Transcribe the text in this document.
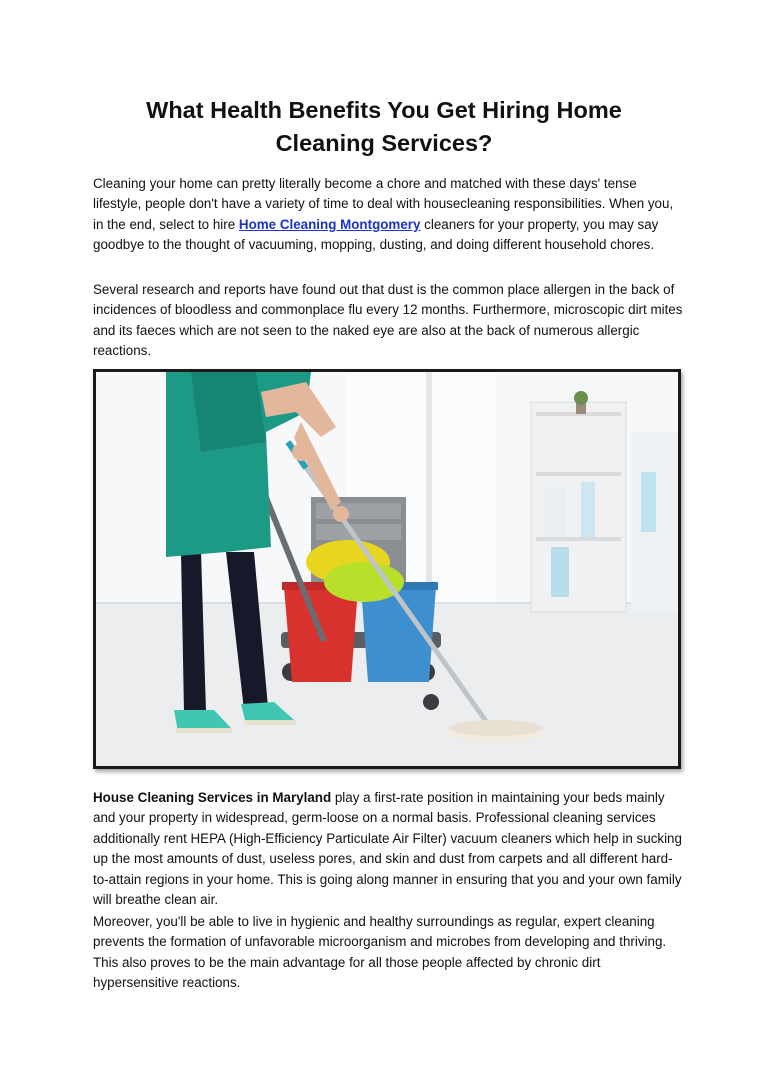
What Health Benefits You Get Hiring Home
Cleaning Services?

Cleaning your home can pretty literally become a chore and matched with these days' tense lifestyle, people don't have a variety of time to deal with housecleaning responsibilities. When you, in the end, select to hire Home Cleaning Montgomery cleaners for your property, you may say goodbye to the thought of vacuuming, mopping, dusting, and doing different household chores.

Several research and reports have found out that dust is the common place allergen in the back of incidences of bloodless and commonplace flu every 12 months. Furthermore, microscopic dirt mites and its faeces which are not seen to the naked eye are also at the back of numerous allergic reactions.

House Cleaning Services in Maryland play a first-rate position in maintaining your beds mainly and your property in widespread, germ-loose on a normal basis. Professional cleaning services additionally rent HEPA (High-Efficiency Particulate Air Filter) vacuum cleaners which help in sucking up the most amounts of dust, useless pores, and skin and dust from carpets and all different hard-to-attain regions in your home. This is going along manner in ensuring that you and your own family will breathe clean air.

Moreover, you'll be able to live in hygienic and healthy surroundings as regular, expert cleaning prevents the formation of unfavorable microorganism and microbes from developing and thriving. This also proves to be the main advantage for all those people affected by chronic dirt hypersensitive reactions.
